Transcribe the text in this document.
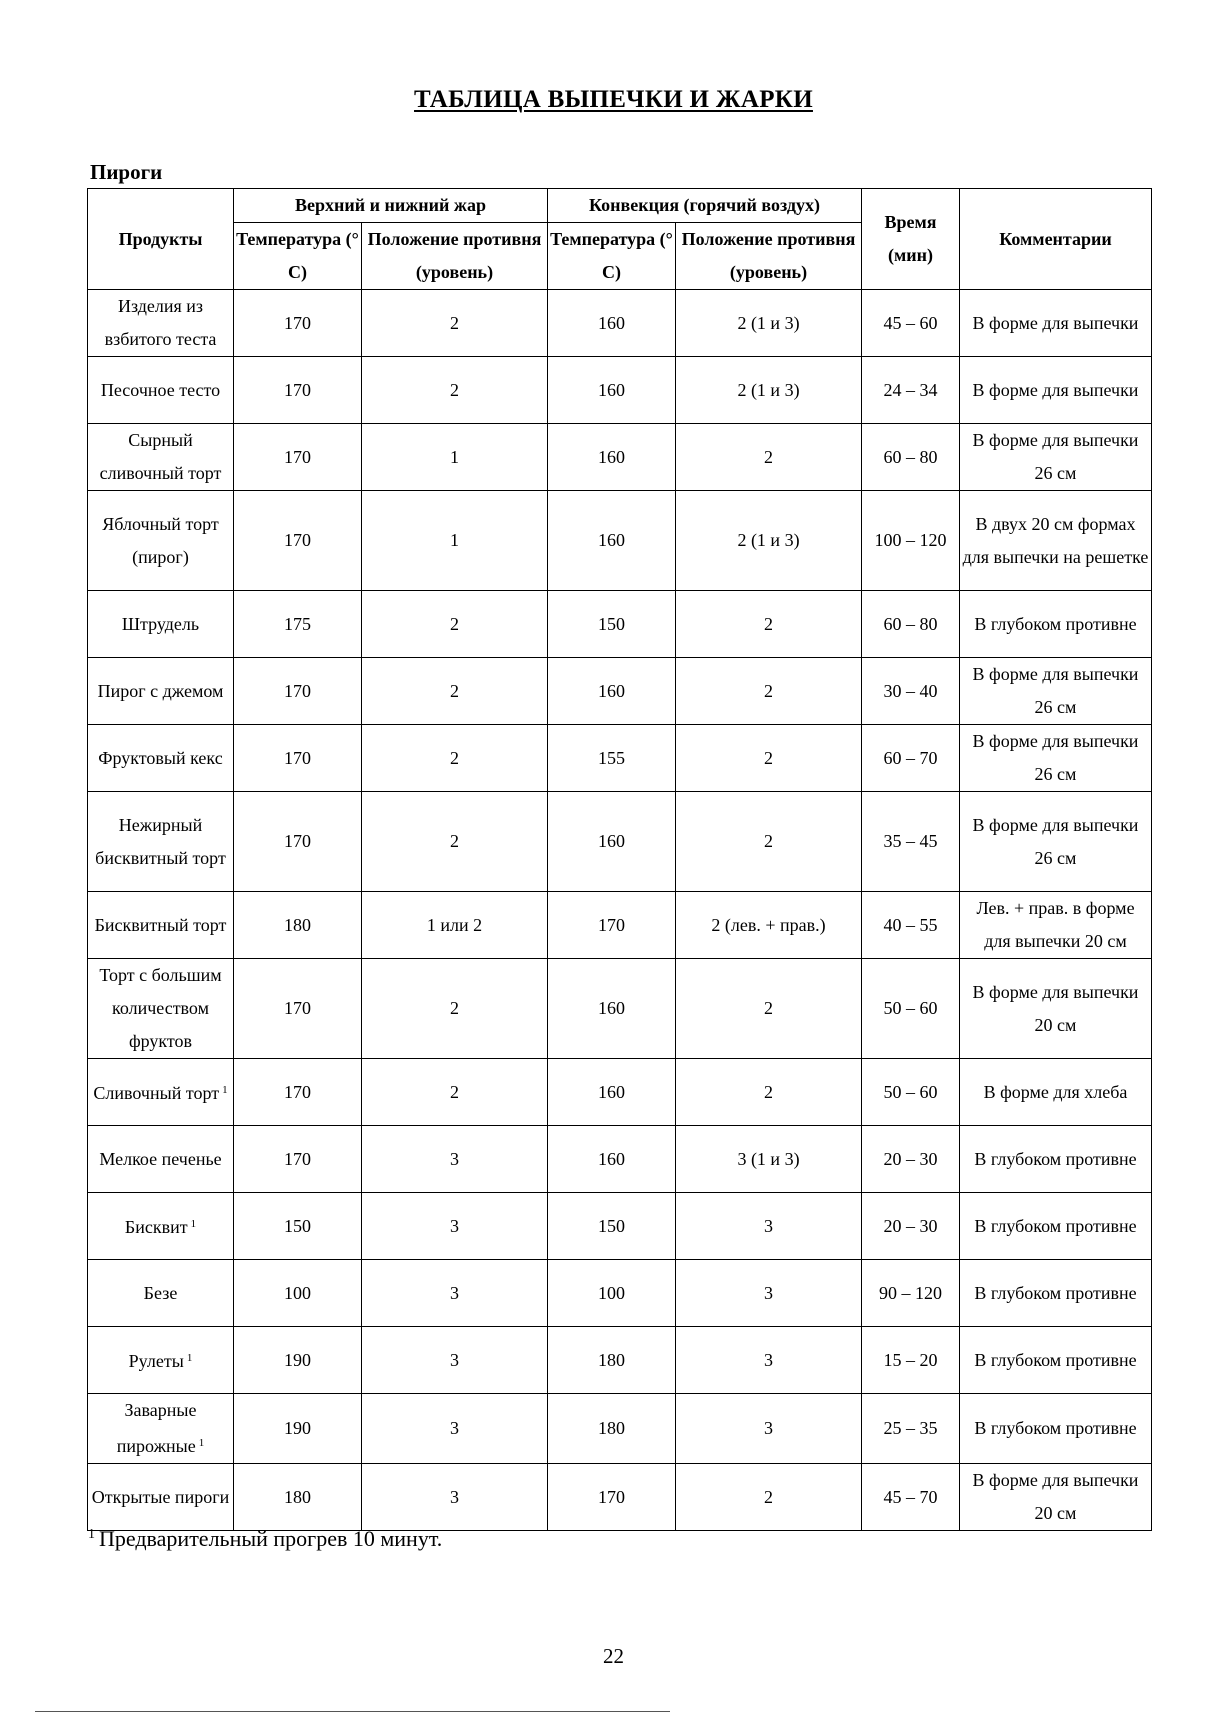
ТАБЛИЦА ВЫПЕЧКИ И ЖАРКИ
Пироги
Продукты	Верхний и нижний жар		Конвекция (горячий воздух)		Время (мин)	Комментарии
	Температура (° C)	Положение противня (уровень)	Температура (° C)	Положение противня (уровень)		
Изделия из взбитого теста	170	2	160	2 (1 и 3)	45 – 60	В форме для выпечки
Песочное тесто	170	2	160	2 (1 и 3)	24 – 34	В форме для выпечки
Сырный сливочный торт	170	1	160	2	60 – 80	В форме для выпечки 26 см
Яблочный торт (пирог)	170	1	160	2 (1 и 3)	100 – 120	В двух 20 см формах для выпечки на решетке
Штрудель	175	2	150	2	60 – 80	В глубоком противне
Пирог с джемом	170	2	160	2	30 – 40	В форме для выпечки 26 см
Фруктовый кекс	170	2	155	2	60 – 70	В форме для выпечки 26 см
Нежирный бисквитный торт	170	2	160	2	35 – 45	В форме для выпечки 26 см
Бисквитный торт	180	1 или 2	170	2 (лев. + прав.)	40 – 55	Лев. + прав. в форме для выпечки 20 см
Торт с большим количеством фруктов	170	2	160	2	50 – 60	В форме для выпечки 20 см
Сливочный торт $^1$	170	2	160	2	50 – 60	В форме для хлеба
Мелкое печенье	170	3	160	3 (1 и 3)	20 – 30	В глубоком противне
Бисквит $^1$	150	3	150	3	20 – 30	В глубоком противне
Безе	100	3	100	3	90 – 120	В глубоком противне
Рулеты $^1$	190	3	180	3	15 – 20	В глубоком противне
Заварные пирожные $^1$	190	3	180	3	25 – 35	В глубоком противне
Открытые пироги	180	3	170	2	45 – 70	В форме для выпечки 20 см
$^1$ Предварительный прогрев 10 минут.
22
